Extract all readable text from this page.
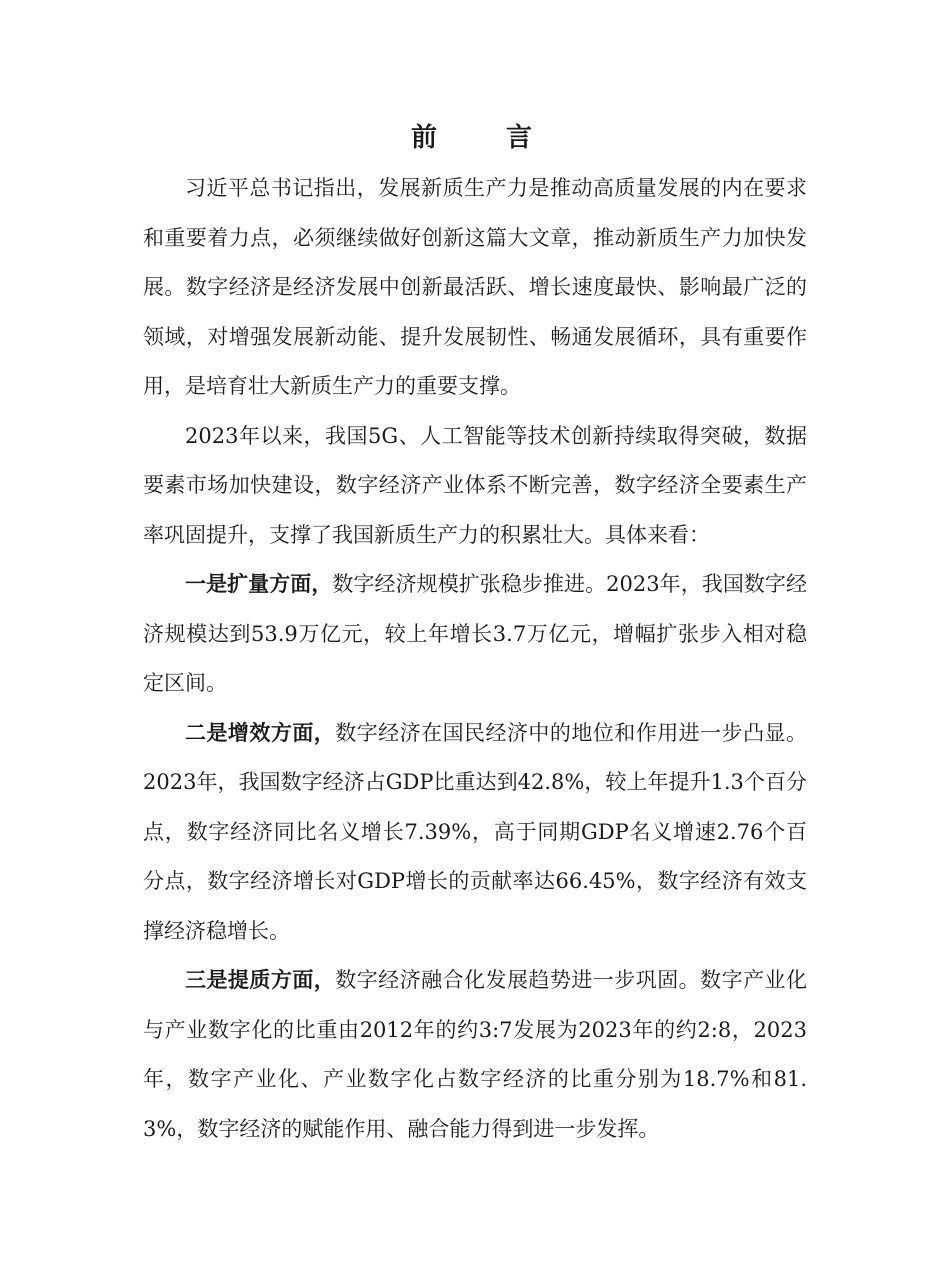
前 言

习近平总书记指出，发展新质生产力是推动高质量发展的内在要求和重要着力点，必须继续做好创新这篇大文章，推动新质生产力加快发展。数字经济是经济发展中创新最活跃、增长速度最快、影响最广泛的领域，对增强发展新动能、提升发展韧性、畅通发展循环，具有重要作用，是培育壮大新质生产力的重要支撑。

2023年以来，我国5G、人工智能等技术创新持续取得突破，数据要素市场加快建设，数字经济产业体系不断完善，数字经济全要素生产率巩固提升，支撑了我国新质生产力的积累壮大。具体来看：

一是扩量方面，数字经济规模扩张稳步推进。2023年，我国数字经济规模达到53.9万亿元，较上年增长3.7万亿元，增幅扩张步入相对稳定区间。

二是增效方面，数字经济在国民经济中的地位和作用进一步凸显。2023年，我国数字经济占GDP比重达到42.8%，较上年提升1.3个百分点，数字经济同比名义增长7.39%，高于同期GDP名义增速2.76个百分点，数字经济增长对GDP增长的贡献率达66.45%，数字经济有效支撑经济稳增长。

三是提质方面，数字经济融合化发展趋势进一步巩固。数字产业化与产业数字化的比重由2012年的约3:7发展为2023年的约2:8，2023年，数字产业化、产业数字化占数字经济的比重分别为18.7%和81.3%，数字经济的赋能作用、融合能力得到进一步发挥。
